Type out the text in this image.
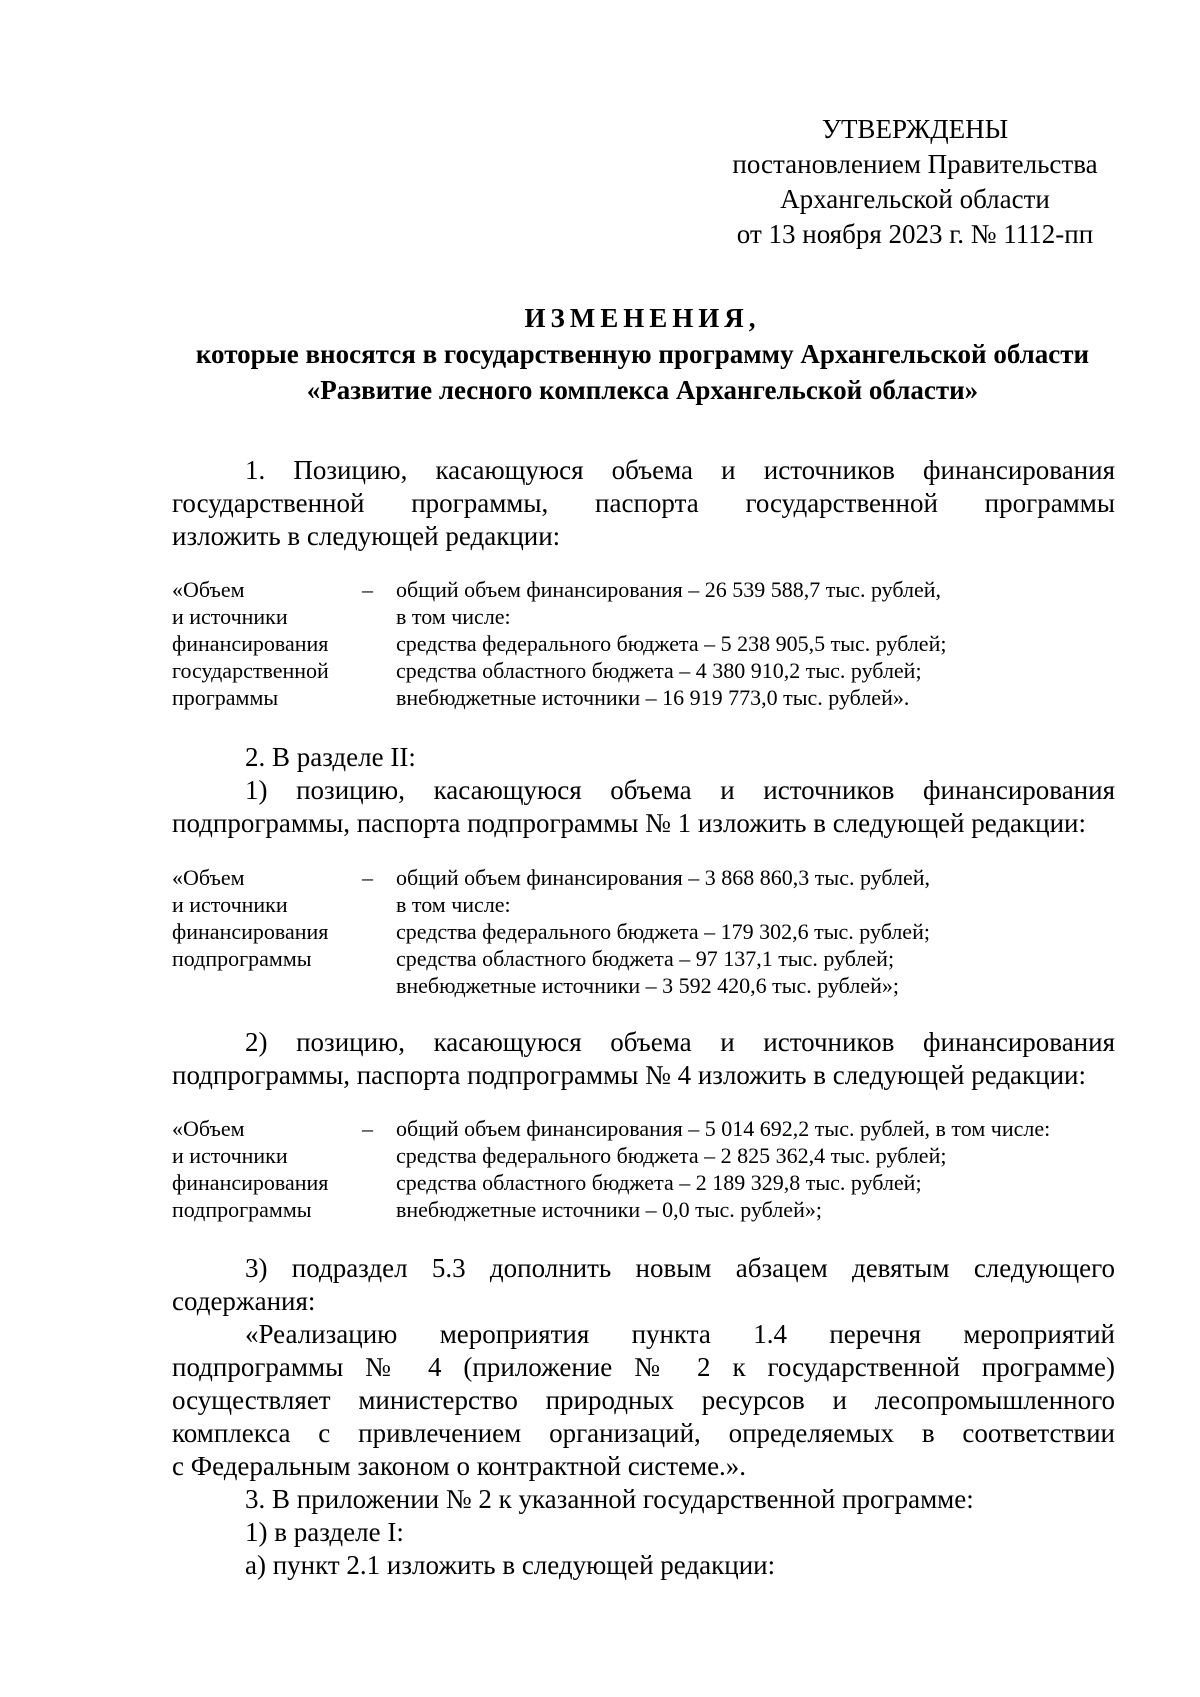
УТВЕРЖДЕНЫ
постановлением Правительства
Архангельской области
от 13 ноября 2023 г. № 1112-пп
ИЗМЕНЕНИЯ,
которые вносятся в государственную программу Архангельской области
«Развитие лесного комплекса Архангельской области»
1. Позицию, касающуюся объема и источников финансирования
государственной программы, паспорта государственной программы
изложить в следующей редакции:
«Объем
и источники
финансирования
государственной
программы
– общий объем финансирования – 26 539 588,7 тыс. рублей,
в том числе:
средства федерального бюджета – 5 238 905,5 тыс. рублей;
средства областного бюджета – 4 380 910,2 тыс. рублей;
внебюджетные источники – 16 919 773,0 тыс. рублей».
2. В разделе II:
1) позицию, касающуюся объема и источников финансирования
подпрограммы, паспорта подпрограммы № 1 изложить в следующей редакции:
«Объем
и источники
финансирования
подпрограммы
– общий объем финансирования – 3 868 860,3 тыс. рублей,
в том числе:
средства федерального бюджета – 179 302,6 тыс. рублей;
средства областного бюджета – 97 137,1 тыс. рублей;
внебюджетные источники – 3 592 420,6 тыс. рублей»;
2) позицию, касающуюся объема и источников финансирования
подпрограммы, паспорта подпрограммы № 4 изложить в следующей редакции:
«Объем
и источники
финансирования
подпрограммы
– общий объем финансирования – 5 014 692,2 тыс. рублей, в том числе:
средства федерального бюджета – 2 825 362,4 тыс. рублей;
средства областного бюджета – 2 189 329,8 тыс. рублей;
внебюджетные источники – 0,0 тыс. рублей»;
3) подраздел 5.3 дополнить новым абзацем девятым следующего
содержания:
«Реализацию мероприятия пункта 1.4 перечня мероприятий
подпрограммы № 4 (приложение № 2 к государственной программе)
осуществляет министерство природных ресурсов и лесопромышленного
комплекса с привлечением организаций, определяемых в соответствии
с Федеральным законом о контрактной системе.».
3. В приложении № 2 к указанной государственной программе:
1) в разделе I:
а) пункт 2.1 изложить в следующей редакции:
